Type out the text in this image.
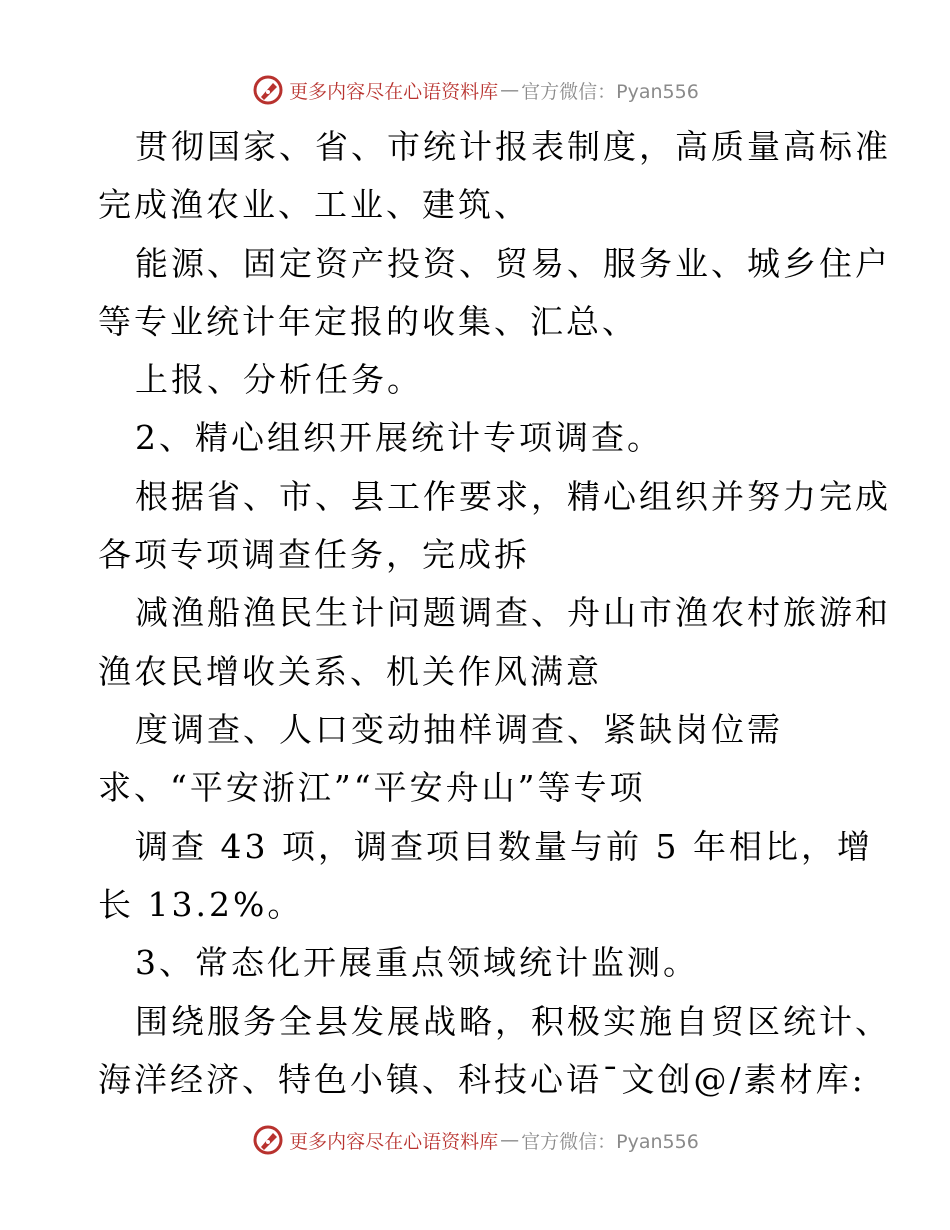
更多内容尽在心语资料库 — 官方微信：Pyan556
贯彻国家、省、市统计报表制度，高质量高标准
完成渔农业、工业、建筑、
能源、固定资产投资、贸易、服务业、城乡住户
等专业统计年定报的收集、汇总、
上报、分析任务。
2、精心组织开展统计专项调查。
根据省、市、县工作要求，精心组织并努力完成
各项专项调查任务，完成拆
减渔船渔民生计问题调查、舟山市渔农村旅游和
渔农民增收关系、机关作风满意
度调查、人口变动抽样调查、紧缺岗位需
求、“平安浙江”“平安舟山”等专项
调查 43 项，调查项目数量与前 5 年相比，增
长 13.2%。
3、常态化开展重点领域统计监测。
围绕服务全县发展战略，积极实施自贸区统计、
海洋经济、特色小镇、科技心语¯文创@/素材库:
更多内容尽在心语资料库 — 官方微信：Pyan556
